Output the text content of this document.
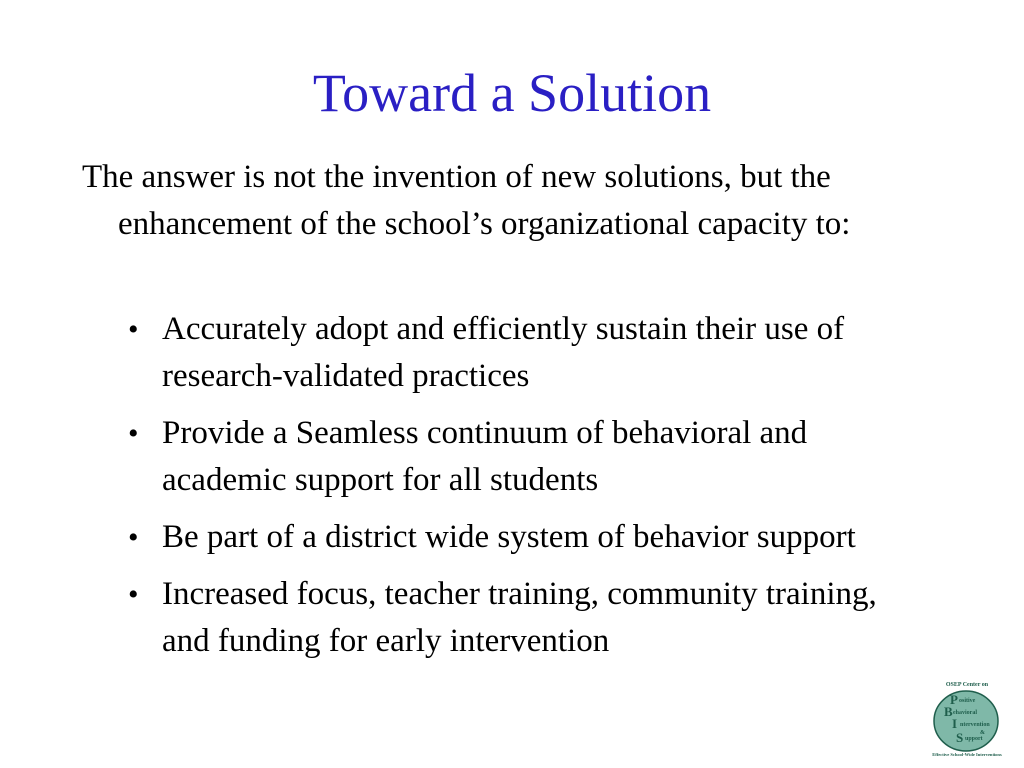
Toward a Solution

The answer is not the invention of new solutions, but the enhancement of the school’s organizational capacity to:

• Accurately adopt and efficiently sustain their use of research-validated practices
• Provide a Seamless continuum of behavioral and academic support for all students
• Be part of a district wide system of behavior support
• Increased focus, teacher training, community training, and funding for early intervention
OSEP Center on
P ositive
B ehavioral
I ntervention
&
S upport
Effective School-Wide Interventions
